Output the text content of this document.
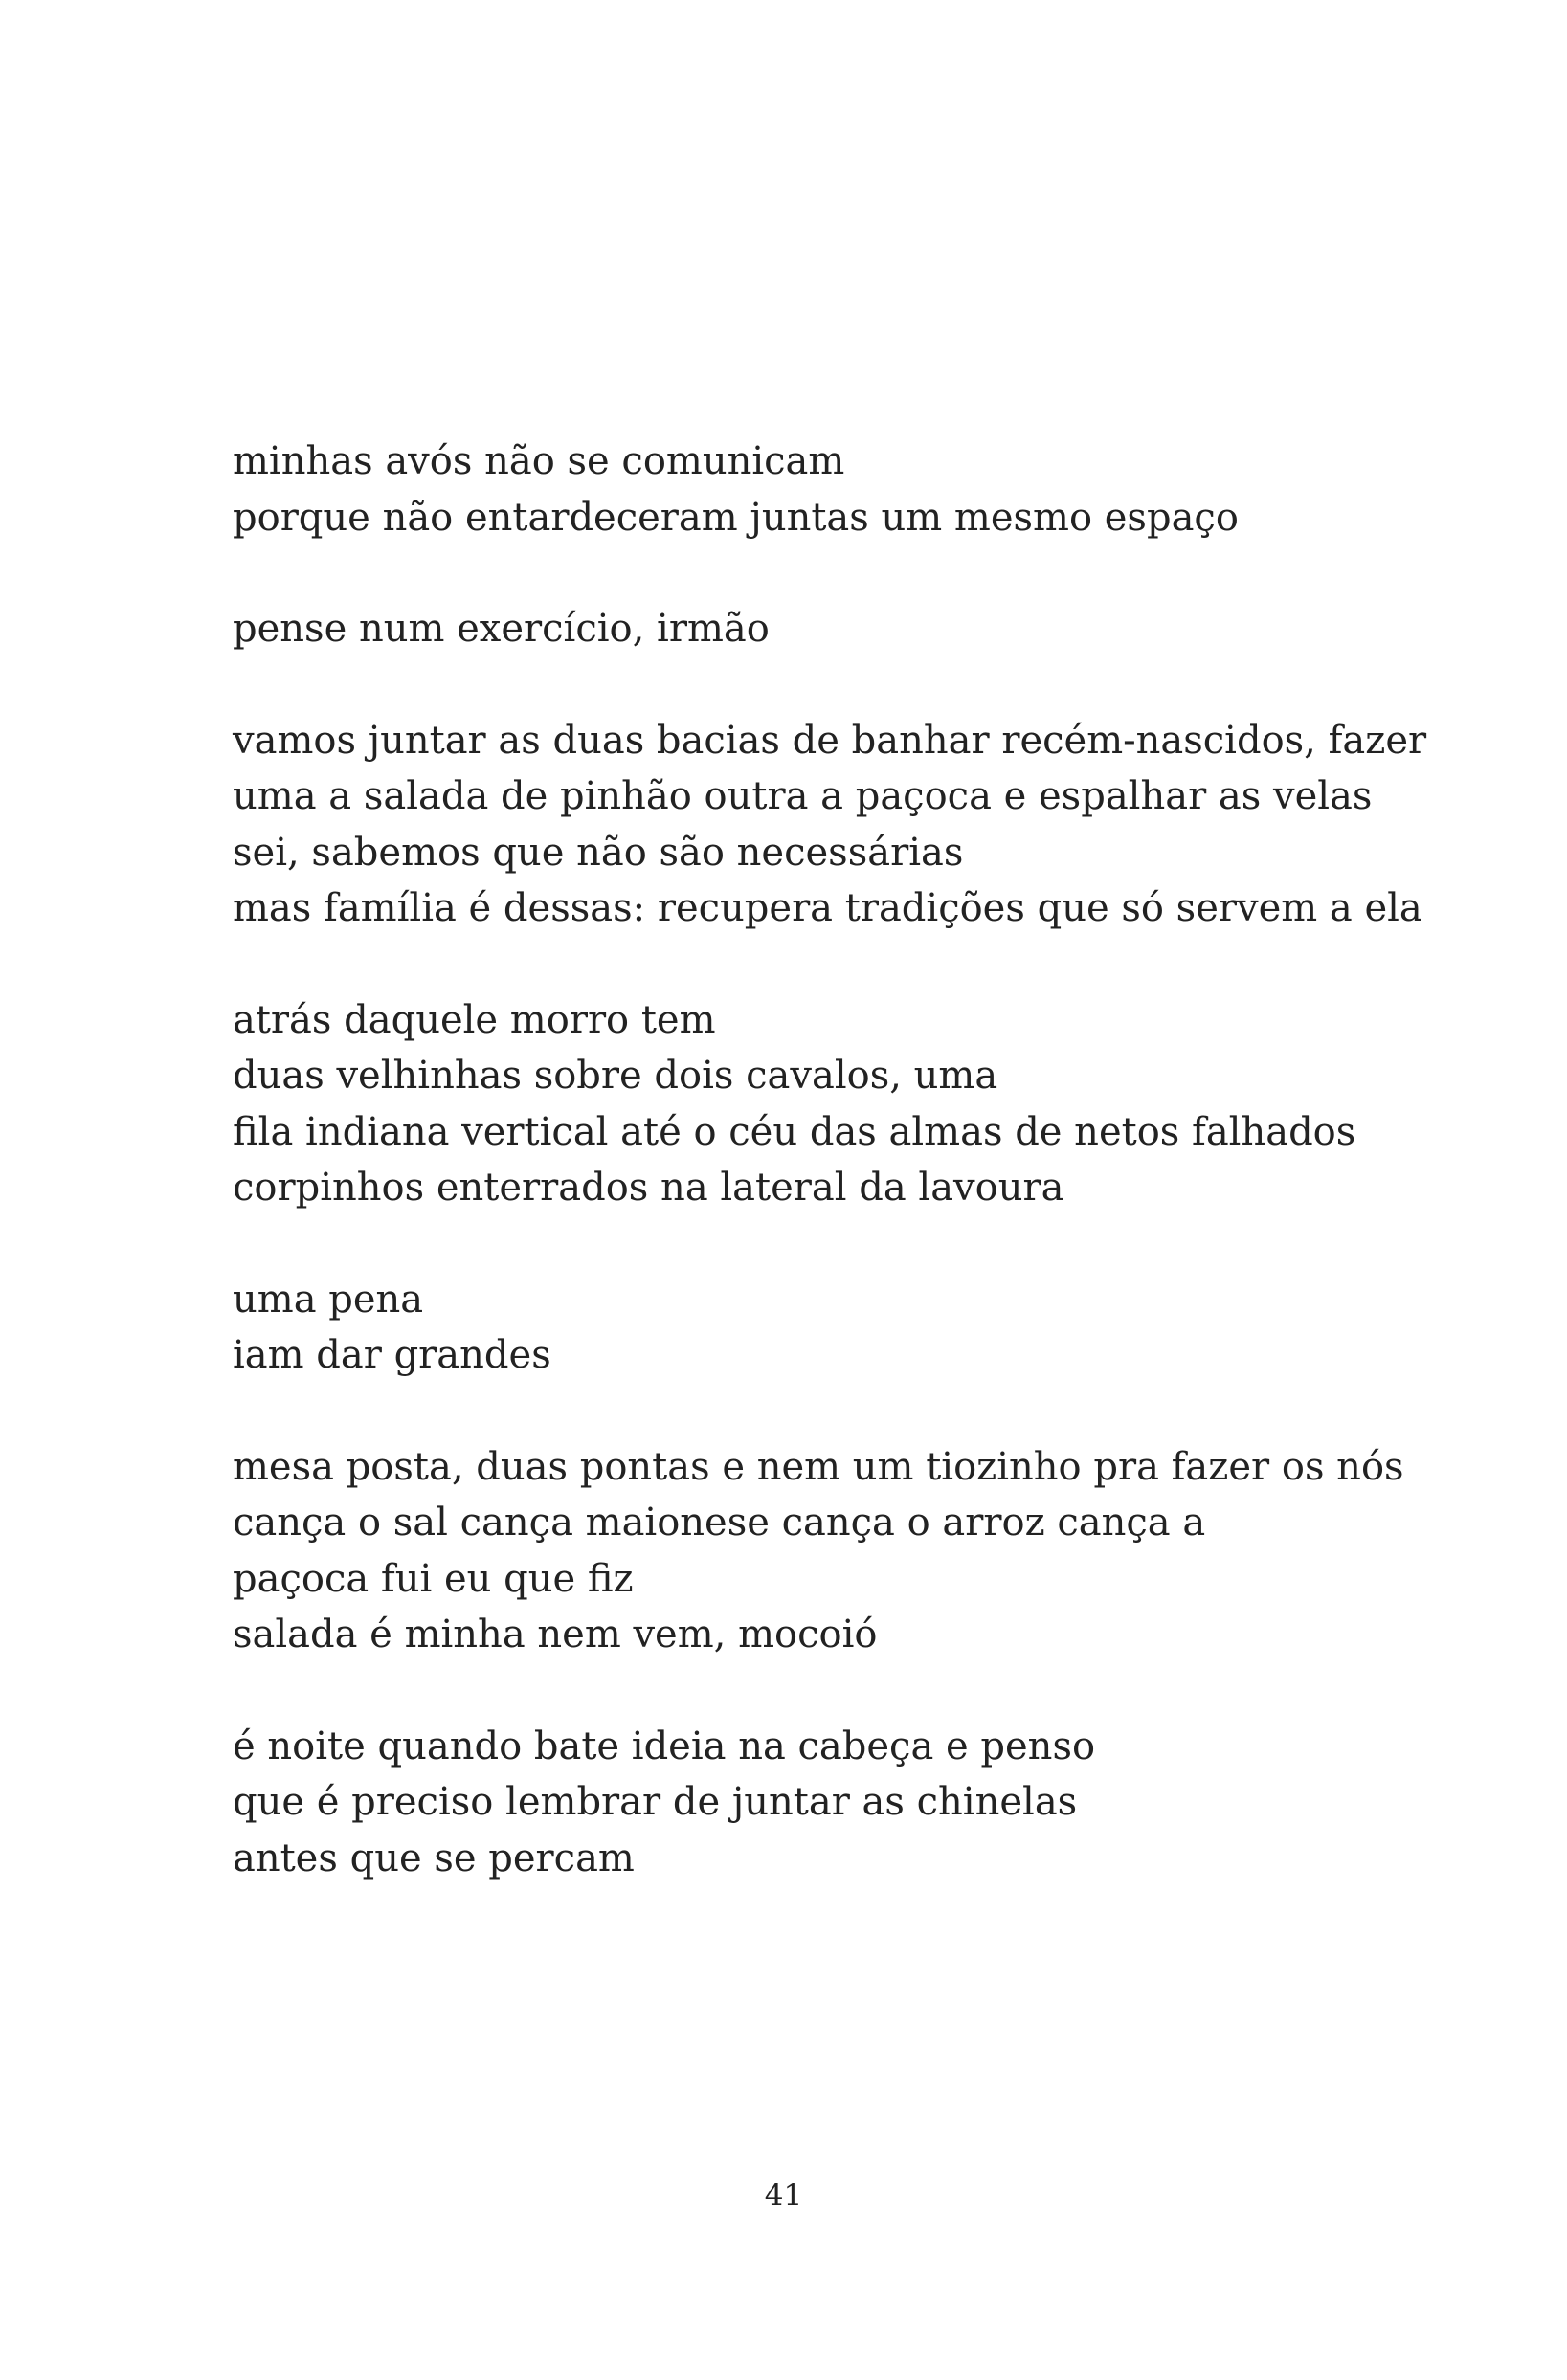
minhas avós não se comunicam
porque não entardeceram juntas um mesmo espaço
pense num exercício, irmão
vamos juntar as duas bacias de banhar recém-nascidos, fazer
uma a salada de pinhão outra a paçoca e espalhar as velas
sei, sabemos que não são necessárias
mas família é dessas: recupera tradições que só servem a ela
atrás daquele morro tem
duas velhinhas sobre dois cavalos, uma
fila indiana vertical até o céu das almas de netos falhados
corpinhos enterrados na lateral da lavoura
uma pena
iam dar grandes
mesa posta, duas pontas e nem um tiozinho pra fazer os nós
cança o sal cança maionese cança o arroz cança a
paçoca fui eu que fiz
salada é minha nem vem, mocoió
é noite quando bate ideia na cabeça e penso
que é preciso lembrar de juntar as chinelas
antes que se percam
41
